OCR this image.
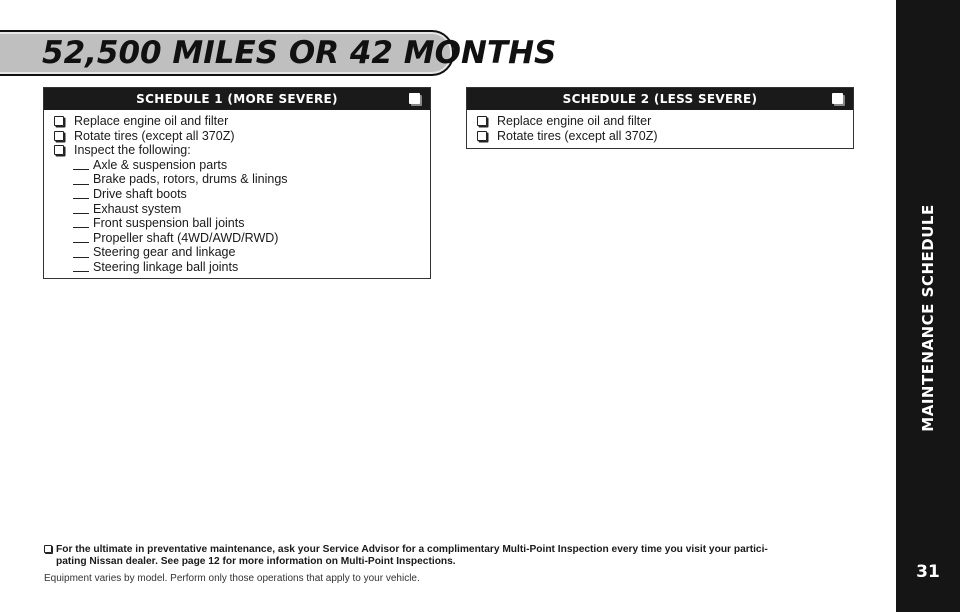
52,500 MILES OR 42 MONTHS
MAINTENANCE SCHEDULE
31
SCHEDULE 1 (MORE SEVERE)
Replace engine oil and filter
Rotate tires (except all 370Z)
Inspect the following:
Axle & suspension parts
Brake pads, rotors, drums & linings
Drive shaft boots
Exhaust system
Front suspension ball joints
Propeller shaft (4WD/AWD/RWD)
Steering gear and linkage
Steering linkage ball joints
SCHEDULE 2 (LESS SEVERE)
Replace engine oil and filter
Rotate tires (except all 370Z)
For the ultimate in preventative maintenance, ask your Service Advisor for a complimentary Multi-Point Inspection every time you visit your partici-
pating Nissan dealer. See page 12 for more information on Multi-Point Inspections.
Equipment varies by model. Perform only those operations that apply to your vehicle.
